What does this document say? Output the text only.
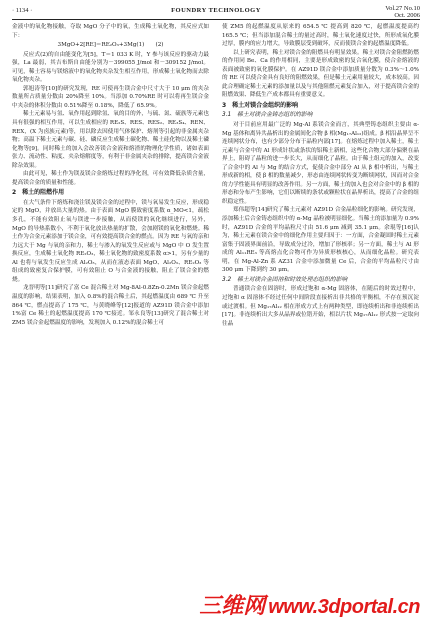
· 1134 ·	FOUNDRY TECHNOLOGY	Vol.27 No.10
Oct. 2006

金液中的氧化物接触，夺取 MgO 分子中的氧，生成稀土氧化物，其反应式如下：

3MgO+2[RE]＝RE₂O₃+3Mg(1)　　(2)

反应式(2)的自由能变化为[5]，T＝1 033 K 时，Y 参与该反应的驱动力最强，La 最弱，其吉布斯自由能分别为－399055 J/mol 和－309152 J/mol。可见，稀土容易与镁熔液中的氧化物夹杂发生相互作用，形成稀土氧化物而去除氧化物夹杂。

郭旭涛等[10]的研究发现，RE 可使再生镁合金中尺寸大于 10 μm 的夹杂数量所占质量分数由 20%降至 10%。当添加 0.70%RE 时可以将再生镁合金中夹杂的体积分数由 0.51%降至 0.18%，降低了 65.9%。

稀土元素易与氢、氧作用起到除氢、氧的目的外，与硫、氮、硫族等元素也具有很强的相互作用，可以生成相应的 RE₂S、RES、RES₂、RE₃S₄、REN、REX，(X 为卤族元素)等，用以除去因使用气体保护、熔剂等引起的非金属夹杂物；高温下稀土元素与碳、硅、磷反应生成稀土碳化物、稀土硅化物以及稀土磷化物等[9]。同时稀土的加入会改善镁合金液和熔渣的物理化学性质，诸如表面张力、流动性、粘度、夹杂熔解度等，有利于非金属夹杂的排除，提高镁合金液除杂效果。

由此可见，稀土作为镁及镁合金熔炼过程的净化剂，可有效降低杂质含量，提高镁合金的质量和性能。

2　稀土的阻燃作用

在大气条件下熔炼和浇注镁及镁合金的过程中，镁与氧易发生反应，形成稳定的 MgO，并放出大量的热。由于表面 MgO 膜致密度系数 α_MO<1，疏松多孔，不能有效阻止氧与镁进一步接触，从而使镁的氧化继续进行，另外，MgO 的导热系数小，不利于氧化放出热量的扩散，会加剧镁的氧化和燃烧。稀土作为合金元素添加于镁合金，可有效提高镁合金的燃点。因为 RE 与氧的亲和力远大于 Mg 与氧的亲和力，稀土与渗入的氧发生反应或与 MgO 中 O 发生置换反应，生成稀土氧化物 RE₂O₃，稀土氧化物的致密度系数 α>1，另有少量的 Al 也将与氧发生反应生成 Al₂O₃，从而在液态表面 MgO、Al₂O₃、RE₂O₃ 等组成的致密复合保护膜，可有效阻止 O 与合金液的接触，阻止了镁合金的燃烧。

龙晋明等[11]研究了富 Ce 混合稀土对 Mg-8Al-0.8Zn-0.2Mn 镁合金起燃温度的影响，结果表明，加入 0.8%的混合稀土后，其起燃温度由 689 ℃ 升至 864 ℃，燃点提高了 175 ℃，与黄晓峰等[12]报道的 AZ91D 镁合金中添加 1%富 Ce 稀土的起燃温度提高 170 ℃接近。邹永良等[13]研究了混合稀土对 ZM5 镁合金起燃温度的影响，发现加入 0.12%的混合稀土可

使 ZM5 的起燃温度从原来的 654.5 ℃ 提高到 820 ℃，起燃温度提高约 165.5 ℃；但当添加混合稀土的量过高时，稀土氧化速度过快，所形成氧化膜过厚，膜内的应力增大，导致膜层受到破坏，反而使镁合金的起燃温度降低。

以上研究表明，稀土对镁合金的阻燃具有明显效果。稀土对镁合金阻燃防燃的作用同 Be、Ca 的作用相同，主要是形成致密的复合氧化膜，使合金熔液的表面被致密的氧化膜保护。在 AZ91D 镁合金中添加质量分数为 0.3%～1.0%的 RE 可以使合金具有良好的阻燃效果，但是稀土元素用量较大，成本较高。因此合理确定稀土元素的添加量以及与其他阻燃元素复合加入，对于提高镁合金的阻燃效果、降低生产成本都具有重要意义。

3　稀土对镁合金组织的影响
3.1　稀土对镁合金铸态组织的影响

对于目前应用最广泛的 Mg-Al 系镁合金而言，其典型铸态组织主要由 α-Mg 基体和离异共晶析出的金属间化合物 β 相(Mg₁₇Al₁₂)组成。β 相沿晶界呈不连续网状分布，也有少部分分布于晶粒内部[17]。在熔炼过程中加入稀土，稀土元素与合金中的 Al 形成针状或条状的铝稀土新相，这些化合物大部分偏聚在晶界上，阻碍了晶粒的进一步长大，从而细化了晶粒。由于稀土组元的加入，改变了合金中的 Al 与 Mg 的结合方式，促使合金中部分 Al 从 β 相中析出，与稀土形成新的相，使 β 相的数量减少，形态由连续网状转变为断续网状，因而对合金的力学性能具有明显的改善作用。另一方面，稀土的加入也会对合金中的 β 相的形态和分布产生影响，它们以断续的条状或颗粒状在晶界析出，提高了合金的组织稳定性。

郑伟超等[14]研究了稀土元素对 AZ91D 合金晶粒细化的影响。研究发现，添加稀土后合金铸态组织中的 α-Mg 晶粒被明显细化。当稀土的添加量为 0.9%时，AZ91D 合金的平均晶粒尺寸由 51.6 μm 减到 35.1 μm。余琨等[16]认为，稀土元素在镁合金中的细化作用主要归因于：一方面，合金凝固时稀土元素富集于固液界面前沿，导致成分过冷，增加了形核率；另一方面，稀土与 Al 形成的 Al₁₁RE₃ 等高熔点化合物可作为异质形核核心，从而细化晶粒。研究表明，在 Mg-Al-Zn 系 AZ31 合金中添加微量 Ce 后，合金的平均晶粒尺寸由 300 μm 下降到约 30 μm。

3.2　稀土对镁合金固溶和时效处理态组织的影响

普通镁合金在固溶时，形成过饱和 α-Mg 固溶体，在随后的时效过程中，过饱和 α 固溶体不经过任何中间阶段直接析出非共格的平衡相，不存在预沉淀或过渡相。但 Mg₁₇Al₁₂ 相在形成方式上有两种类型，即连续析出和非连续析出[17]。非连续析出大多从晶界或位错开始，相以片状 Mg₁₇Al₁₂ 形式按一定取向往晶

三维网 www.3dportal.cn
